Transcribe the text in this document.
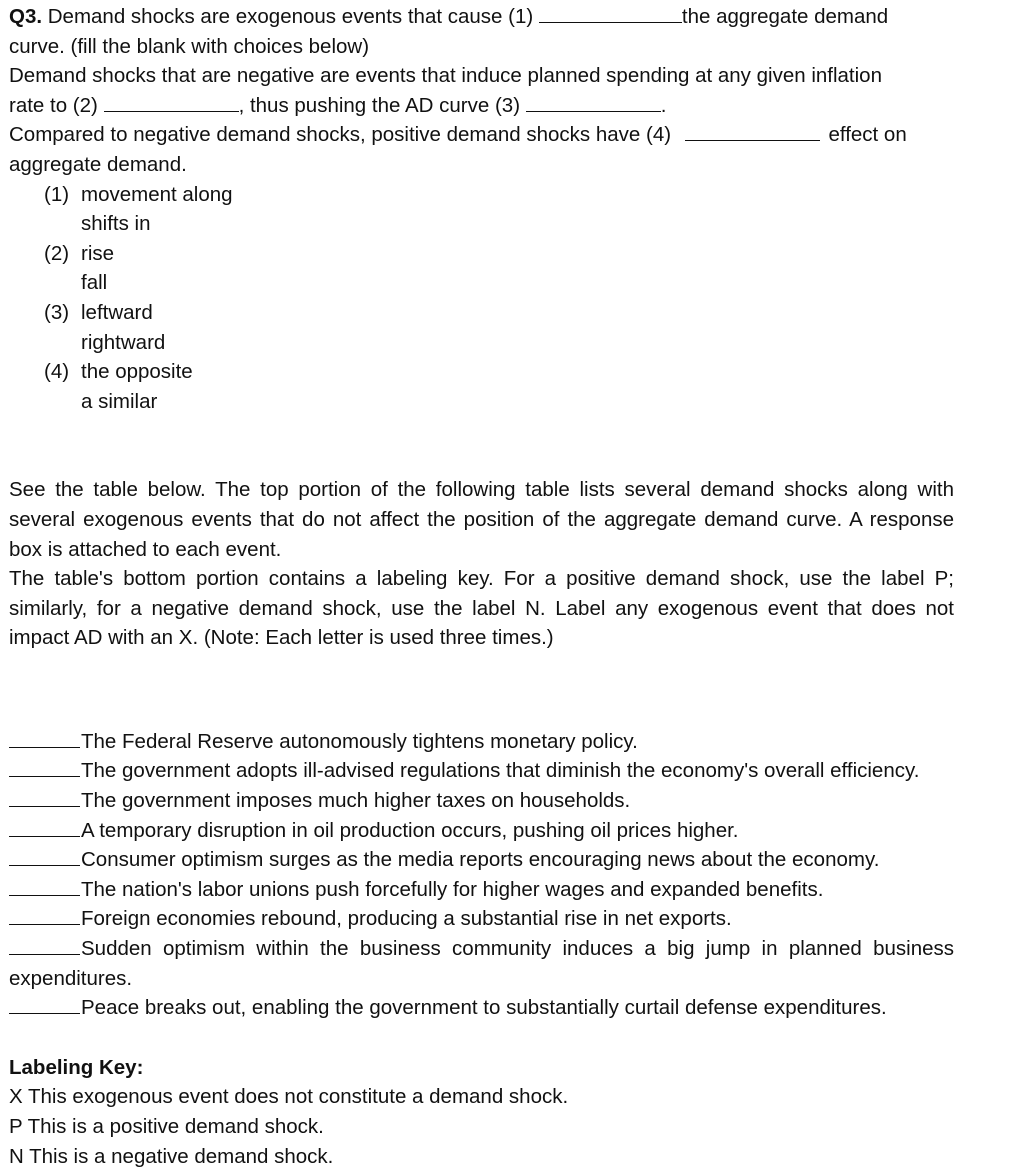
Q3. Demand shocks are exogenous events that cause (1)	the aggregate demand
curve. (fill the blank with choices below)
Demand shocks that are negative are events that induce planned spending at any given inflation
rate to (2)	, thus pushing the AD curve (3)	.
Compared to negative demand shocks, positive demand shocks have (4)	effect on
aggregate demand.
(1) movement along
shifts in
(2) rise
fall
(3) leftward
rightward
(4) the opposite
a similar
See the table below. The top portion of the following table lists several demand shocks along with several exogenous events that do not affect the position of the aggregate demand curve. A response box is attached to each event.
The table's bottom portion contains a labeling key. For a positive demand shock, use the label P; similarly, for a negative demand shock, use the label N. Label any exogenous event that does not impact AD with an X. (Note: Each letter is used three times.)
The Federal Reserve autonomously tightens monetary policy.
The government adopts ill-advised regulations that diminish the economy's overall efficiency.
The government imposes much higher taxes on households.
A temporary disruption in oil production occurs, pushing oil prices higher.
Consumer optimism surges as the media reports encouraging news about the economy.
The nation's labor unions push forcefully for higher wages and expanded benefits.
Foreign economies rebound, producing a substantial rise in net exports.
Sudden optimism within the business community induces a big jump in planned business expenditures.
Peace breaks out, enabling the government to substantially curtail defense expenditures.
Labeling Key:
X This exogenous event does not constitute a demand shock.
P This is a positive demand shock.
N This is a negative demand shock.
